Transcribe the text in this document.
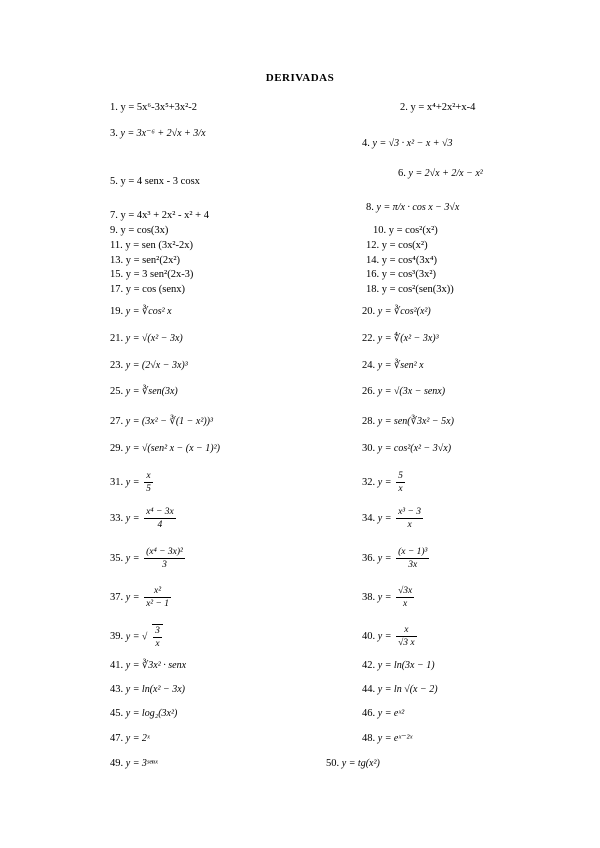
DERIVADAS
1. y = 5x⁶-3x⁵+3x²-2	2. y = x⁴+2x²+x-4
3. y = 3x⁻⁶ + 2√x + 3/x
4. y = √3 · x² − x + √3
5. y = 4 senx - 3 cosx
6. y = 2√x + 2/x − x²
7. y = 4x³ + 2x² - x² + 4
8. y = π/x · cos x − 3√x
9. y = cos(3x)	10. y = cos²(x²)
11. y = sen (3x²-2x)	12. y = cos(x²)
13. y = sen²(2x²)	14. y = cos⁴(3x⁴)
15. y = 3 sen²(2x-3)	16. y = cos³(3x²)
17. y = cos (senx)	18. y = cos²(sen(3x))
19. y = ∛cos² x	20. y = ∛cos²(x²)
21. y = √(x² − 3x)	22. y = ∜(x² − 3x)³
23. y = (2√x − 3x)³	24. y = ∛sen² x
25. y = ∛sen(3x)	26. y = √(3x − senx)
27. y = (3x² − ∛(1 − x²))³	28. y = sen(∛3x² − 5x)
29. y = √(sen² x − (x − 1)²)	30. y = cos²(x² − 3√x)
31. $y = \frac{x}{5}$	32. $y = \frac{5}{x}$
33. $y = \frac{\text{x⁴ − 3x}}{4}$	34. $y = \frac{\text{x³ − 3}}{x}$
35. $y = \frac{\text{(x⁴ − 3x)²}}{3}$	36. $y = \frac{\text{(x − 1)³}}{3x}$
37. $y = \frac{\text{x²}}{\text{x² − 1}}$	38. $y = \frac{√3x}{x}$
39. y = √ $\frac{3}{x}$	40. $y = \frac{x}{√3 x}$
41. y = ∛3x² · senx	42. y = ln(3x − 1)
43. y = ln(x² − 3x)	44. y = ln √(x − 2)
45. y = log₂(3x²)	46. y = eˣ²
47. y = 2ˣ	48. y = eˣ⁻²ˣ
49. y = 3ˢᵉⁿˣ	50. y = tg(x²)
